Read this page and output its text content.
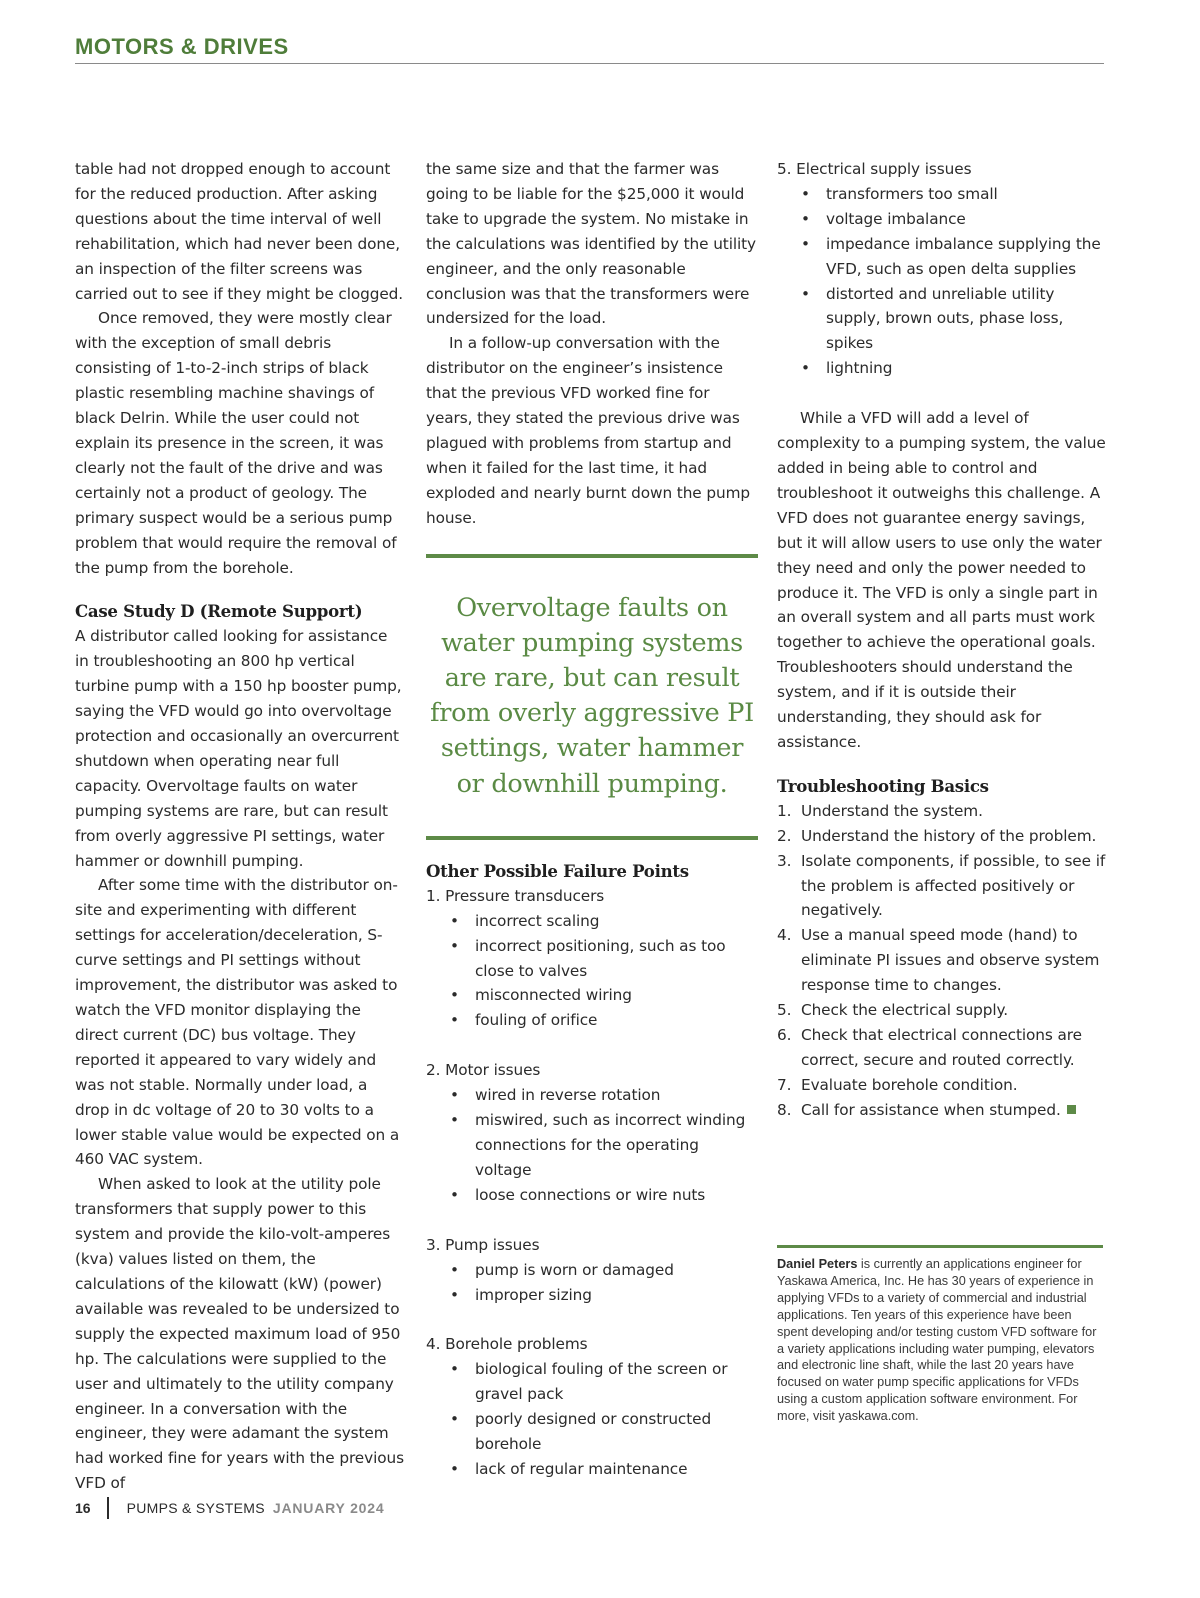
MOTORS & DRIVES

table had not dropped enough to account for the reduced production. After asking questions about the time interval of well rehabilitation, which had never been done, an inspection of the filter screens was carried out to see if they might be clogged.

Once removed, they were mostly clear with the exception of small debris consisting of 1-to-2-inch strips of black plastic resembling machine shavings of black Delrin. While the user could not explain its presence in the screen, it was clearly not the fault of the drive and was certainly not a product of geology. The primary suspect would be a serious pump problem that would require the removal of the pump from the borehole.

Case Study D (Remote Support)

A distributor called looking for assistance in troubleshooting an 800 hp vertical turbine pump with a 150 hp booster pump, saying the VFD would go into overvoltage protection and occasionally an overcurrent shutdown when operating near full capacity. Overvoltage faults on water pumping systems are rare, but can result from overly aggressive PI settings, water hammer or downhill pumping.

After some time with the distributor on-site and experimenting with different settings for acceleration/deceleration, S-curve settings and PI settings without improvement, the distributor was asked to watch the VFD monitor displaying the direct current (DC) bus voltage. They reported it appeared to vary widely and was not stable. Normally under load, a drop in dc voltage of 20 to 30 volts to a lower stable value would be expected on a 460 VAC system.

When asked to look at the utility pole transformers that supply power to this system and provide the kilo-volt-amperes (kva) values listed on them, the calculations of the kilowatt (kW) (power) available was revealed to be undersized to supply the expected maximum load of 950 hp. The calculations were supplied to the user and ultimately to the utility company engineer. In a conversation with the engineer, they were adamant the system had worked fine for years with the previous VFD of

the same size and that the farmer was going to be liable for the $25,000 it would take to upgrade the system. No mistake in the calculations was identified by the utility engineer, and the only reasonable conclusion was that the transformers were undersized for the load.

In a follow-up conversation with the distributor on the engineer’s insistence that the previous VFD worked fine for years, they stated the previous drive was plagued with problems from startup and when it failed for the last time, it had exploded and nearly burnt down the pump house.

Overvoltage faults on water pumping systems are rare, but can result from overly aggressive PI settings, water hammer or downhill pumping.
Other Possible Failure Points
1. Pressure transducers
• incorrect scaling
• incorrect positioning, such as too close to valves
• misconnected wiring
• fouling of orifice
2. Motor issues
• wired in reverse rotation
• miswired, such as incorrect winding connections for the operating voltage
• loose connections or wire nuts
3. Pump issues
• pump is worn or damaged
• improper sizing
4. Borehole problems
• biological fouling of the screen or gravel pack
• poorly designed or constructed borehole
• lack of regular maintenance
5. Electrical supply issues
• transformers too small
• voltage imbalance
• impedance imbalance supplying the VFD, such as open delta supplies
• distorted and unreliable utility supply, brown outs, phase loss, spikes
• lightning

While a VFD will add a level of complexity to a pumping system, the value added in being able to control and troubleshoot it outweighs this challenge. A VFD does not guarantee energy savings, but it will allow users to use only the water they need and only the power needed to produce it. The VFD is only a single part in an overall system and all parts must work together to achieve the operational goals. Troubleshooters should understand the system, and if it is outside their understanding, they should ask for assistance.

Troubleshooting Basics
1. Understand the system.
2. Understand the history of the problem.
3. Isolate components, if possible, to see if the problem is affected positively or negatively.
4. Use a manual speed mode (hand) to eliminate PI issues and observe system response time to changes.
5. Check the electrical supply.
6. Check that electrical connections are correct, secure and routed correctly.
7. Evaluate borehole condition.
8. Call for assistance when stumped.
Daniel Peters is currently an applications engineer for Yaskawa America, Inc. He has 30 years of experience in applying VFDs to a variety of commercial and industrial applications. Ten years of this experience have been spent developing and/or testing custom VFD software for a variety applications including water pumping, elevators and electronic line shaft, while the last 20 years have focused on water pump specific applications for VFDs using a custom application software environment. For more, visit yaskawa.com.
16	PUMPS & SYSTEMS JANUARY 2024
